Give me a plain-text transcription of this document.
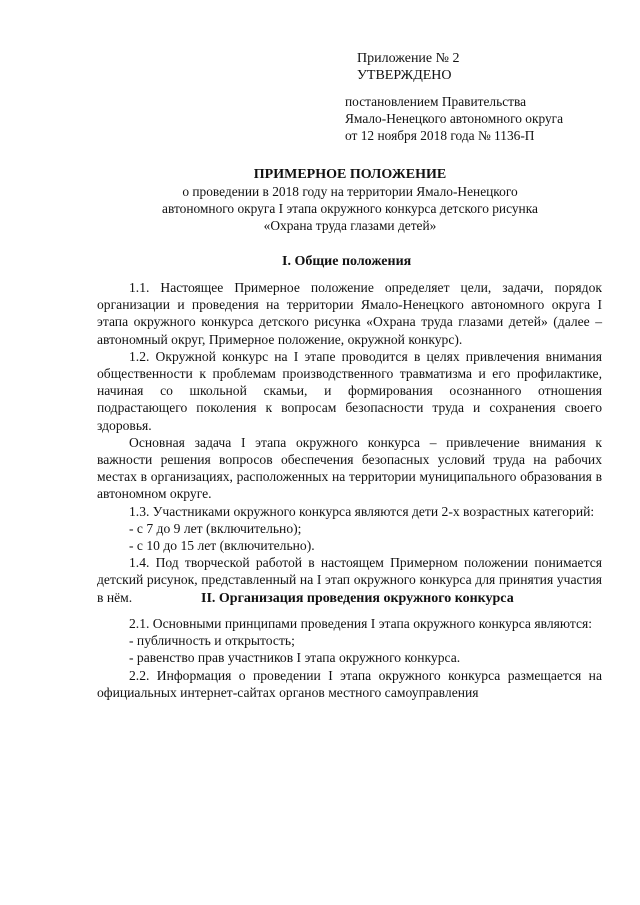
Приложение № 2
УТВЕРЖДЕНО
постановлением Правительства
Ямало-Ненецкого автономного округа
от 12 ноября 2018 года № 1136-П
ПРИМЕРНОЕ ПОЛОЖЕНИЕ
о проведении в 2018 году на территории Ямало-Ненецкого
автономного округа I этапа окружного конкурса детского рисунка
«Охрана труда глазами детей»
I. Общие положения

1.1. Настоящее Примерное положение определяет цели, задачи, порядок организации и проведения на территории Ямало-Ненецкого автономного округа I этапа окружного конкурса детского рисунка «Охрана труда глазами детей» (далее – автономный округ, Примерное положение, окружной конкурс).

1.2. Окружной конкурс на I этапе проводится в целях привлечения внимания общественности к проблемам производственного травматизма и его профилактике, начиная со школьной скамьи, и формирования осознанного отношения подрастающего поколения к вопросам безопасности труда и сохранения своего здоровья.

Основная задача I этапа окружного конкурса – привлечение внимания к важности решения вопросов обеспечения безопасных условий труда на рабочих местах в организациях, расположенных на территории муниципального образования в автономном округе.

1.3. Участниками окружного конкурса являются дети 2-х возрастных категорий:

- с 7 до 9 лет (включительно);

- с 10 до 15 лет (включительно).

1.4. Под творческой работой в настоящем Примерном положении понимается детский рисунок, представленный на I этап окружного конкурса для принятия участия в нём.	II. Организация проведения окружного конкурса

2.1. Основными принципами проведения I этапа окружного конкурса являются:

- публичность и открытость;

- равенство прав участников I этапа окружного конкурса.

2.2. Информация о проведении I этапа окружного конкурса размещается на официальных интернет-сайтах органов местного самоуправления
